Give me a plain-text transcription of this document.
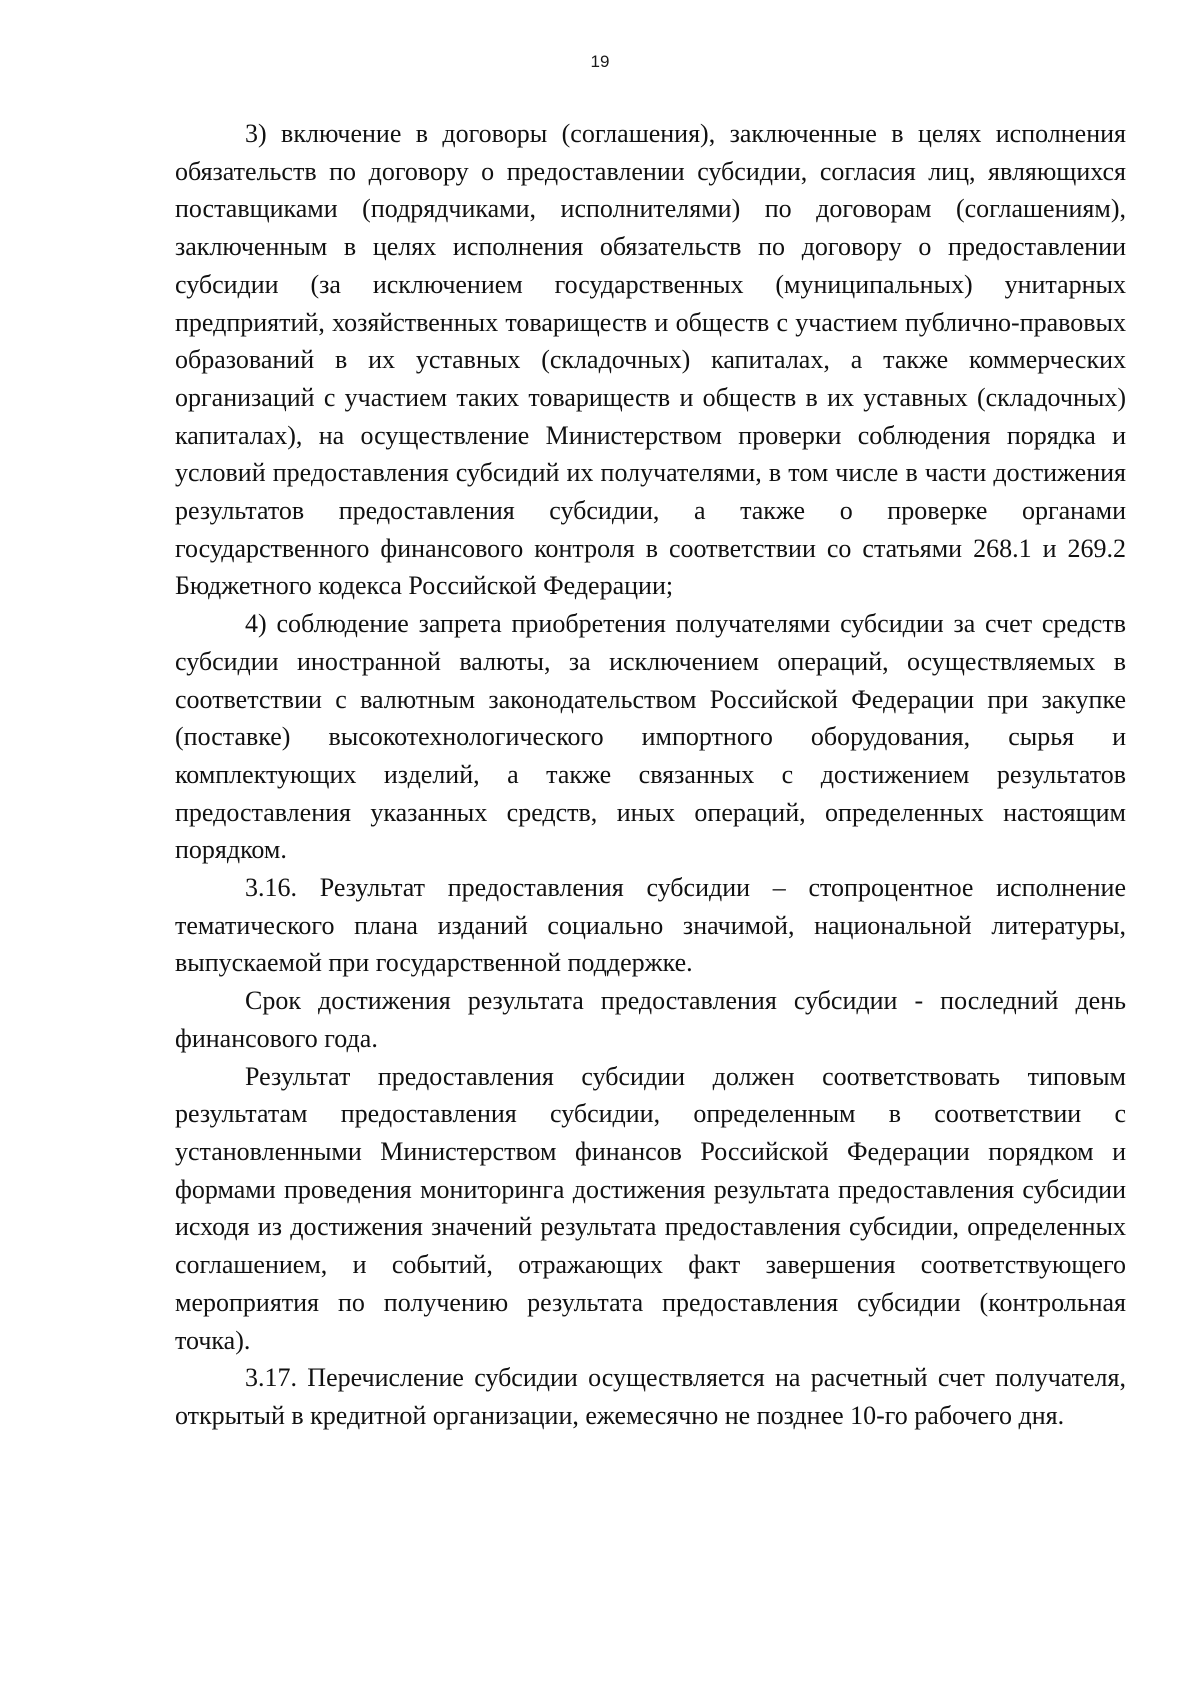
19

3) включение в договоры (соглашения), заключенные в целях исполнения обязательств по договору о предоставлении субсидии, согласия лиц, являющихся поставщиками (подрядчиками, исполнителями) по договорам (соглашениям), заключенным в целях исполнения обязательств по договору о предоставлении субсидии (за исключением государственных (муниципальных) унитарных предприятий, хозяйственных товариществ и обществ с участием публично-правовых образований в их уставных (складочных) капиталах, а также коммерческих организаций с участием таких товариществ и обществ в их уставных (складочных) капиталах), на осуществление Министерством проверки соблюдения порядка и условий предоставления субсидий их получателями, в том числе в части достижения результатов предоставления субсидии, а также о проверке органами государственного финансового контроля в соответствии со статьями 268.1 и 269.2 Бюджетного кодекса Российской Федерации;

4) соблюдение запрета приобретения получателями субсидии за счет средств субсидии иностранной валюты, за исключением операций, осуществляемых в соответствии с валютным законодательством Российской Федерации при закупке (поставке) высокотехнологического импортного оборудования, сырья и комплектующих изделий, а также связанных с достижением результатов предоставления указанных средств, иных операций, определенных настоящим порядком.

3.16. Результат предоставления субсидии – стопроцентное исполнение тематического плана изданий социально значимой, национальной литературы, выпускаемой при государственной поддержке.

Срок достижения результата предоставления субсидии - последний день финансового года.

Результат предоставления субсидии должен соответствовать типовым результатам предоставления субсидии, определенным в соответствии с установленными Министерством финансов Российской Федерации порядком и формами проведения мониторинга достижения результата предоставления субсидии исходя из достижения значений результата предоставления субсидии, определенных соглашением, и событий, отражающих факт завершения соответствующего мероприятия по получению результата предоставления субсидии (контрольная точка).

3.17. Перечисление субсидии осуществляется на расчетный счет получателя, открытый в кредитной организации, ежемесячно не позднее 10-го рабочего дня.
